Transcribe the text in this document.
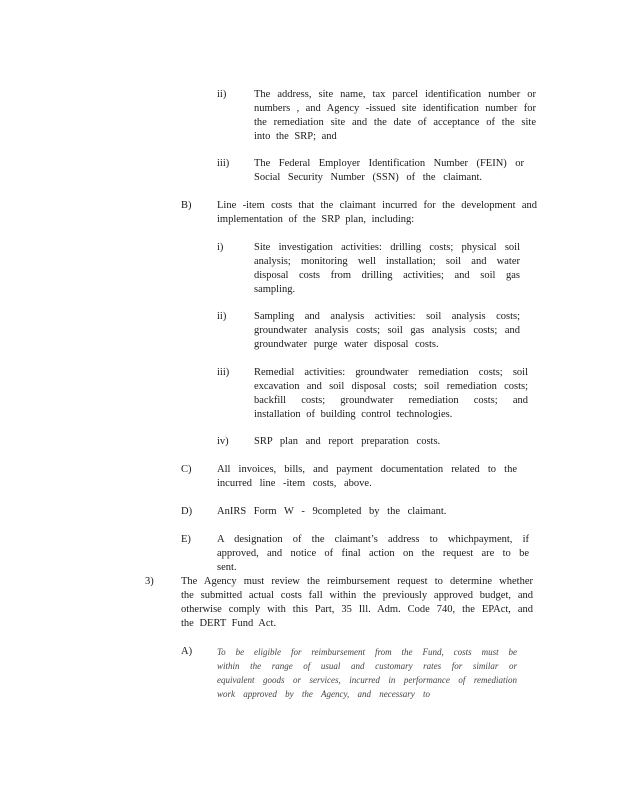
ii)	The address, site name, tax parcel identification number or numbers , and Agency -issued site identification number for the remediation site and the date of acceptance of the site into the SRP; and
iii) The Federal Employer Identification Number (FEIN) or Social Security Number (SSN) of the claimant.
B) Line -item costs that the claimant incurred for the development and implementation of the SRP plan, including:
i)	Site investigation activities: drilling costs; physical soil analysis; monitoring well installation; soil and water disposal costs from drilling activities; and soil gas sampling.
ii)	Sampling and analysis activities: soil analysis costs; groundwater analysis costs; soil gas analysis costs; and groundwater purge water disposal costs.
iii) Remedial activities: groundwater remediation costs; soil excavation and soil disposal costs; soil remediation costs; backfill costs; groundwater remediation costs; and installation of building control technologies.
iv) SRP plan and report preparation costs.
C) All invoices, bills, and payment documentation related to the incurred line -item costs, above.
D) AnIRS Form W - 9completed by the claimant.
E) A designation of the claimant’s address to whichpayment, if approved, and notice of final action on the request are to be sent.
3)	The Agency must review the reimbursement request to determine whether the submitted actual costs fall within the previously approved budget, and otherwise comply with this Part, 35 Ill. Adm. Code 740, the EPAct, and the DERT Fund Act.
A)	To be eligible for reimbursement from the Fund, costs must be within the range of usual and customary rates for similar or equivalent goods or services, incurred in performance of remediation work approved by the Agency, and necessary to
